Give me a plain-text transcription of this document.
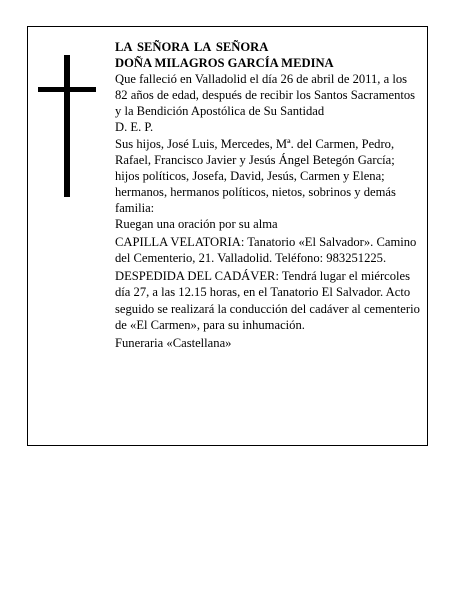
LA SEÑORA LA SEÑORA

DOÑA MILAGROS GARCÍA MEDINA

Que falleció en Valladolid el día 26 de abril de 2011, a los 82 años de edad, después de recibir los Santos Sacramentos y la Bendición Apostólica de Su Santidad

D. E. P.

Sus hijos, José Luis, Mercedes, Mª. del Carmen, Pedro, Rafael, Francisco Javier y Jesús Ángel Betegón García; hijos políticos, Josefa, David, Jesús, Carmen y Elena; hermanos, hermanos políticos, nietos, sobrinos y demás familia:

Ruegan una oración por su alma

CAPILLA VELATORIA: Tanatorio «El Salvador». Camino del Cementerio, 21. Valladolid. Teléfono: 983251225.

DESPEDIDA DEL CADÁVER: Tendrá lugar el miércoles día 27, a las 12.15 horas, en el Tanatorio El Salvador. Acto seguido se realizará la conducción del cadáver al cementerio de «El Carmen», para su inhumación.

Funeraria «Castellana»
